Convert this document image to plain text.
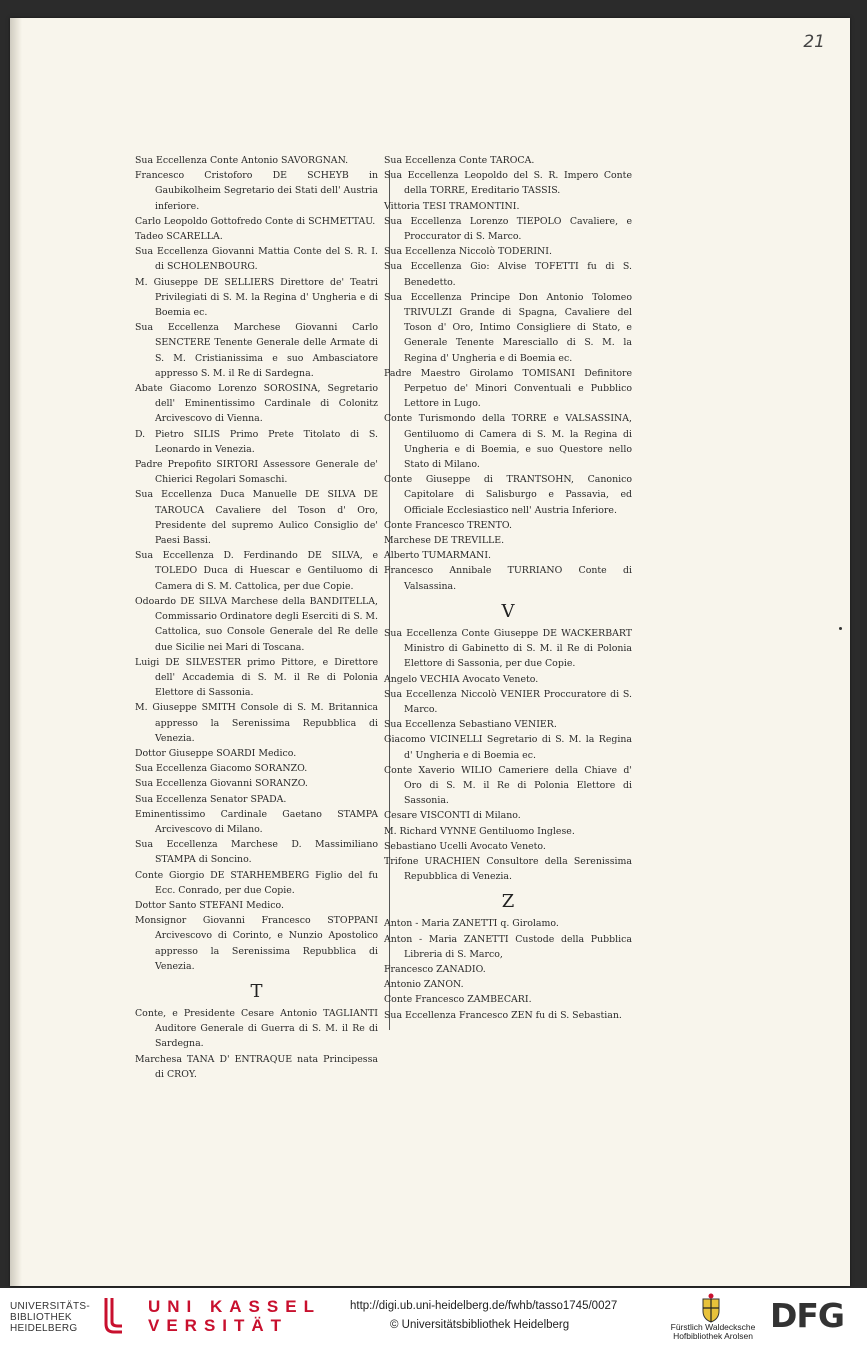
21
Sua Eccellenza Conte Antonio SAVORGNAN.
Francesco Cristoforo DE SCHEYB in Gaubikolheim Segretario dei Stati dell' Austria inferiore.
Carlo Leopoldo Gottofredo Conte di SCHMETTAU.
Tadeo SCARELLA.
Sua Eccellenza Giovanni Mattia Conte del S. R. I. di SCHOLENBOURG.
M. Giuseppe DE SELLIERS Direttore de' Teatri Privilegiati di S. M. la Regina d' Ungheria e di Boemia ec.
Sua Eccellenza Marchese Giovanni Carlo SENCTERE Tenente Generale delle Armate di S. M. Cristianissima e suo Ambasciatore appresso S. M. il Re di Sardegna.
Abate Giacomo Lorenzo SOROSINA, Segretario dell' Eminentissimo Cardinale di Colonitz Arcivescovo di Vienna.
D. Pietro SILIS Primo Prete Titolato di S. Leonardo in Venezia.
Padre Prepofito SIRTORI Assessore Generale de' Chierici Regolari Somaschi.
Sua Eccellenza Duca Manuelle DE SILVA DE TAROUCA Cavaliere del Toson d' Oro, Presidente del supremo Aulico Consiglio de' Paesi Bassi.
Sua Eccellenza D. Ferdinando DE SILVA, e TOLEDO Duca di Huescar e Gentiluomo di Camera di S. M. Cattolica, per due Copie.
Odoardo DE SILVA Marchese della BANDITELLA, Commissario Ordinatore degli Eserciti di S. M. Cattolica, suo Console Generale del Re delle due Sicilie nei Mari di Toscana.
Luigi DE SILVESTER primo Pittore, e Direttore dell' Accademia di S. M. il Re di Polonia Elettore di Sassonia.
M. Giuseppe SMITH Console di S. M. Britannica appresso la Serenissima Repubblica di Venezia.
Dottor Giuseppe SOARDI Medico.
Sua Eccellenza Giacomo SORANZO.
Sua Eccellenza Giovanni SORANZO.
Sua Eccellenza Senator SPADA.
Eminentissimo Cardinale Gaetano STAMPA Arcivescovo di Milano.
Sua Eccellenza Marchese D. Massimiliano STAMPA di Soncino.
Conte Giorgio DE STARHEMBERG Figlio del fu Ecc. Conrado, per due Copie.
Dottor Santo STEFANI Medico.
Monsignor Giovanni Francesco STOPPANI Arcivescovo di Corinto, e Nunzio Apostolico appresso la Serenissima Repubblica di Venezia.
T
Conte, e Presidente Cesare Antonio TAGLIANTI Auditore Generale di Guerra di S. M. il Re di Sardegna.
Marchesa TANA D' ENTRAQUE nata Principessa di CROY.
Sua Eccellenza Conte TAROCA.
Sua Eccellenza Leopoldo del S. R. Impero Conte della TORRE, Ereditario TASSIS.
Vittoria TESI TRAMONTINI.
Sua Eccellenza Lorenzo TIEPOLO Cavaliere, e Proccurator di S. Marco.
Sua Eccellenza Niccolò TODERINI.
Sua Eccellenza Gio: Alvise TOFETTI fu di S. Benedetto.
Sua Eccellenza Principe Don Antonio Tolomeo TRIVULZI Grande di Spagna, Cavaliere del Toson d' Oro, Intimo Consigliere di Stato, e Generale Tenente Maresciallo di S. M. la Regina d' Ungheria e di Boemia ec.
Padre Maestro Girolamo TOMISANI Definitore Perpetuo de' Minori Conventuali e Pubblico Lettore in Lugo.
Conte Turismondo della TORRE e VALSASSINA, Gentiluomo di Camera di S. M. la Regina di Ungheria e di Boemia, e suo Questore nello Stato di Milano.
Conte Giuseppe di TRANTSOHN, Canonico Capitolare di Salisburgo e Passavia, ed Officiale Ecclesiastico nell' Austria Inferiore.
Conte Francesco TRENTO.
Marchese DE TREVILLE.
Alberto TUMARMANI.
Francesco Annibale TURRIANO Conte di Valsassina.
V
Sua Eccellenza Conte Giuseppe DE WACKERBART Ministro di Gabinetto di S. M. il Re di Polonia Elettore di Sassonia, per due Copie.
Angelo VECHIA Avocato Veneto.
Sua Eccellenza Niccolò VENIER Proccuratore di S. Marco.
Sua Eccellenza Sebastiano VENIER.
Giacomo VICINELLI Segretario di S. M. la Regina d' Ungheria e di Boemia ec.
Conte Xaverio WILIO Cameriere della Chiave d' Oro di S. M. il Re di Polonia Elettore di Sassonia.
Cesare VISCONTI di Milano.
M. Richard VYNNE Gentiluomo Inglese.
Sebastiano Ucelli Avocato Veneto.
Trifone URACHIEN Consultore della Serenissima Repubblica di Venezia.
Z
Anton - Maria ZANETTI q. Girolamo.
Anton - Maria ZANETTI Custode della Pubblica Libreria di S. Marco,
Francesco ZANADIO.
Antonio ZANON.
Conte Francesco ZAMBECARI.
Sua Eccellenza Francesco ZEN fu di S. Sebastian.
UNIVERSITÄTS-
BIBLIOTHEK
HEIDELBERG
UNI KASSEL
VERSITÄT
http://digi.ub.uni-heidelberg.de/fwhb/tasso1745/0027
© Universitätsbibliothek Heidelberg	Fürstlich Waldecksche
Hofbibliothek Arolsen
DFG
